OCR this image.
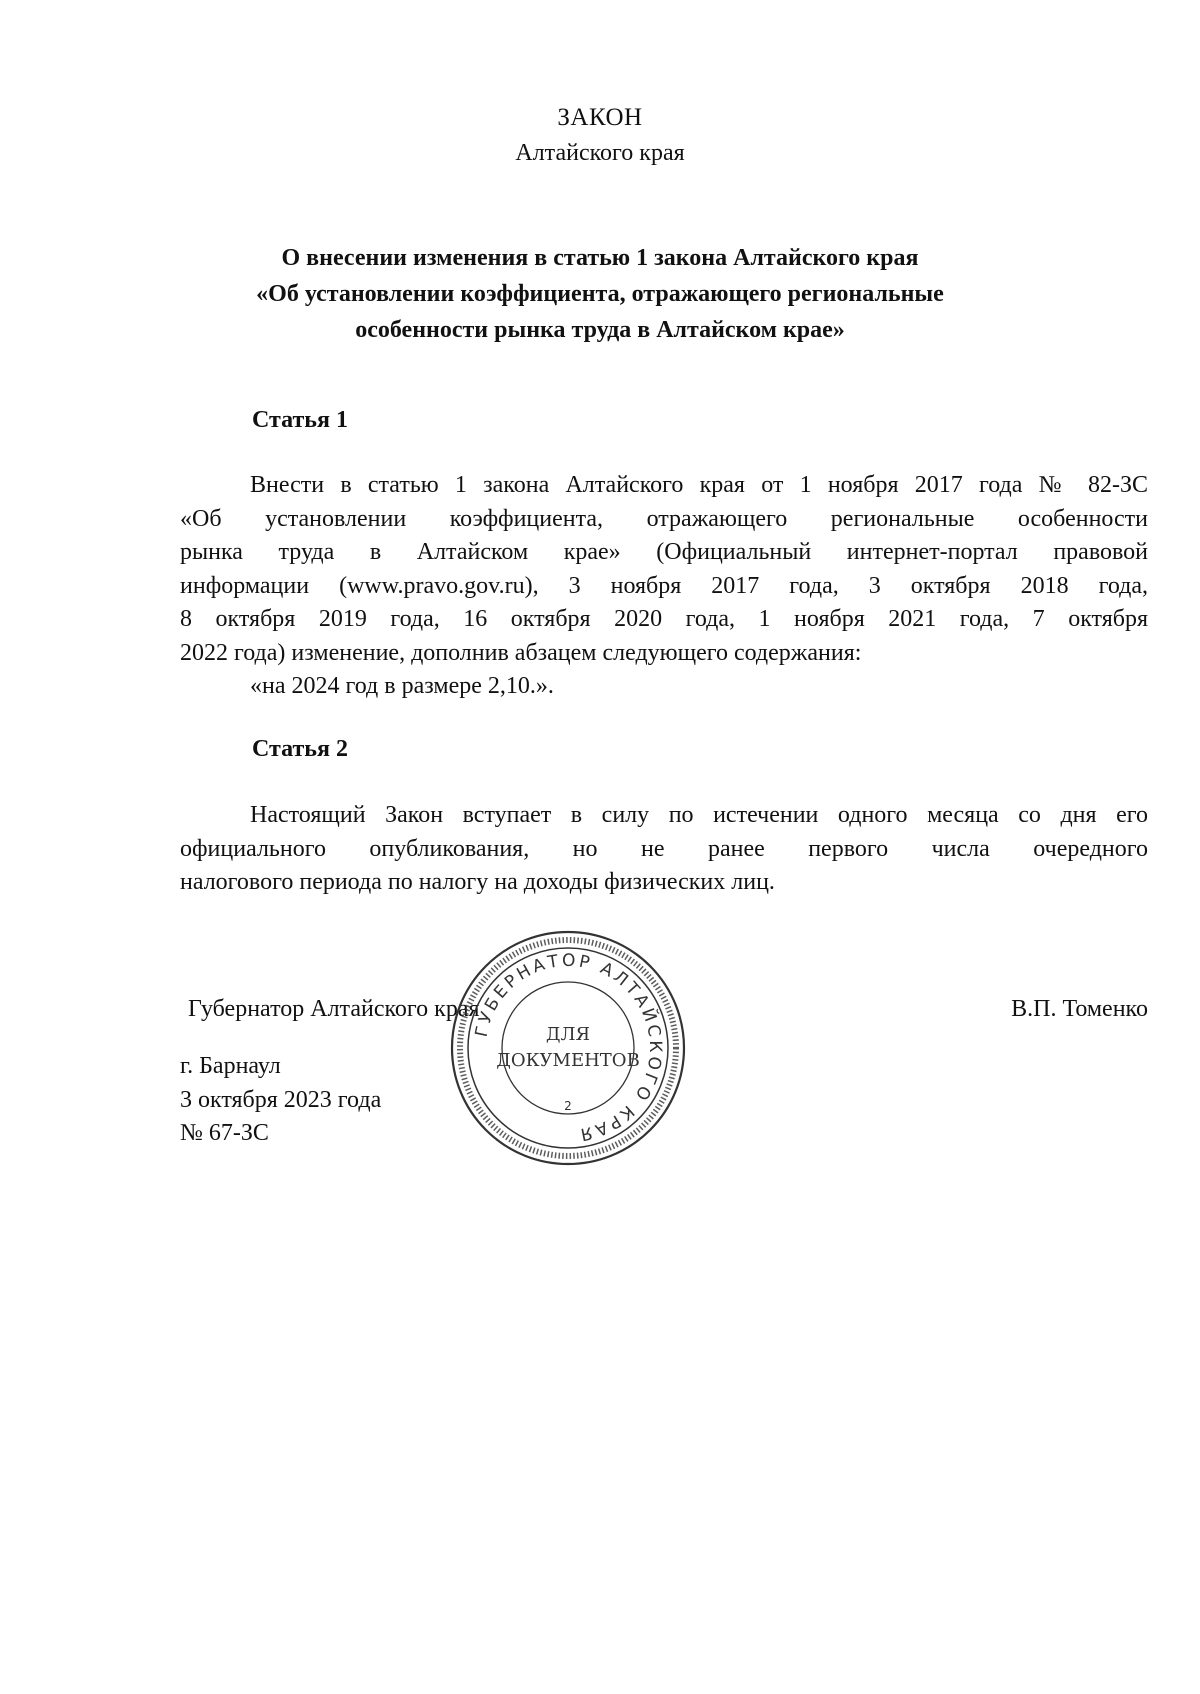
ЗАКОН
Алтайского края
О внесении изменения в статью 1 закона Алтайского края
«Об установлении коэффициента, отражающего региональные
особенности рынка труда в Алтайском крае»
Статья 1
Внести в статью 1 закона Алтайского края от 1 ноября 2017 года № 82-ЗС
«Об установлении коэффициента, отражающего региональные особенности
рынка труда в Алтайском крае» (Официальный интернет-портал правовой
информации (www.pravo.gov.ru), 3 ноября 2017 года, 3 октября 2018 года,
8 октября 2019 года, 16 октября 2020 года, 1 ноября 2021 года, 7 октября
2022 года) изменение, дополнив абзацем следующего содержания:
«на 2024 год в размере 2,10.».
Статья 2
Настоящий Закон вступает в силу по истечении одного месяца со дня его
официального опубликования, но не ранее первого числа очередного
налогового периода по налогу на доходы физических лиц.
Губернатор Алтайского края	В.П. Томенко
г. Барнаул
3 октября 2023 года
№ 67-ЗС
ГУБЕРНАТОР АЛТАЙСКОГО КРАЯ
ДЛЯ
ДОКУМЕНТОВ
2
